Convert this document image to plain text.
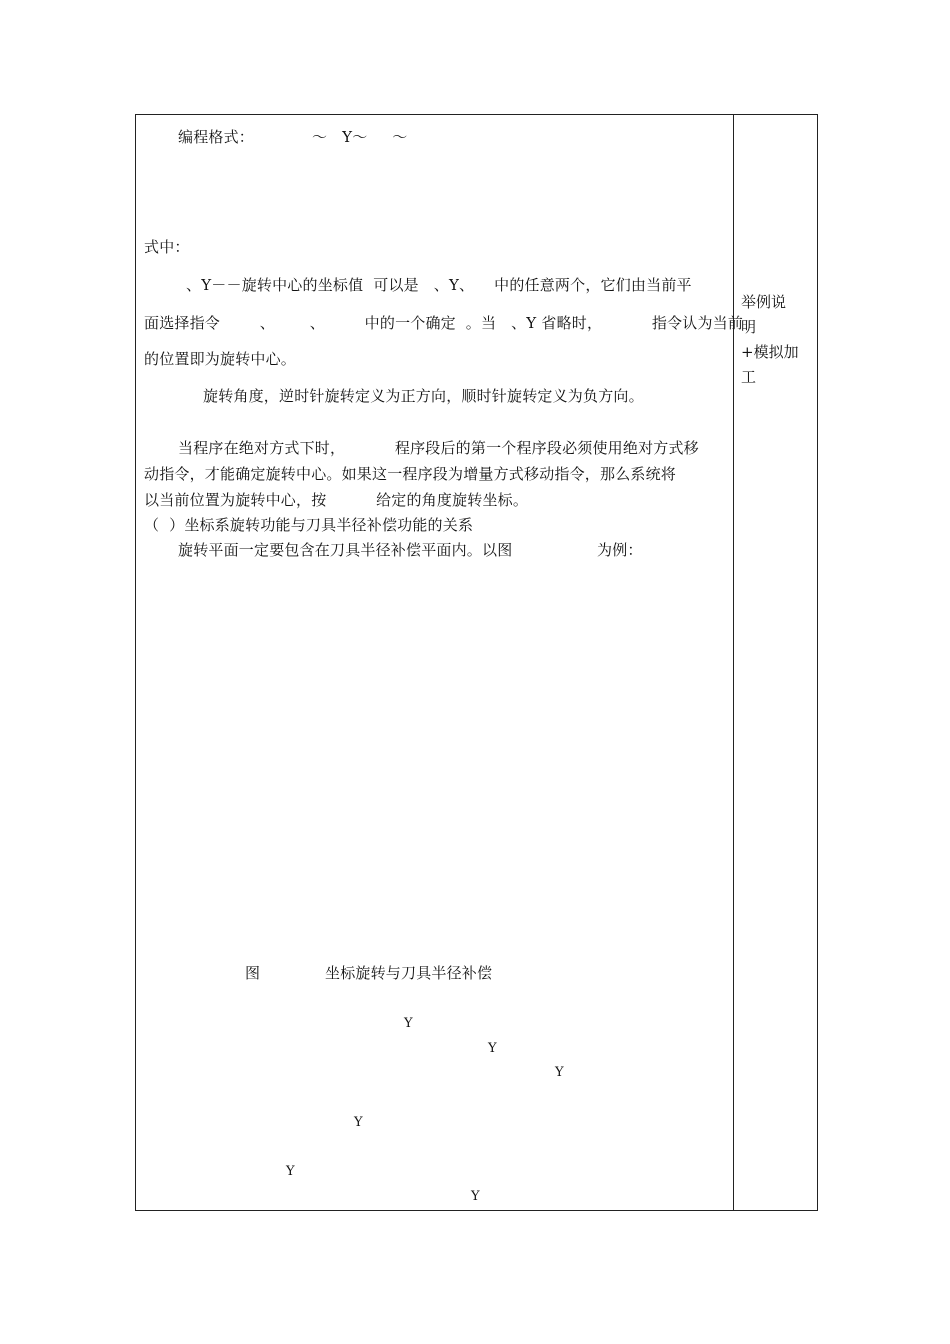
编程格式：	～   Y～     ～
式中：
、Y－－旋转中心的坐标值  可以是   、Y、    中的任意两个，它们由当前平
面选择指令        、       、        中的一个确定  。当   、Y 省略时，          指令认为当前
的位置即为旋转中心。
旋转角度，逆时针旋转定义为正方向，顺时针旋转定义为负方向。
当程序在绝对方式下时，          程序段后的第一个程序段必须使用绝对方式移
动指令，才能确定旋转中心。如果这一程序段为增量方式移动指令，那么系统将
以当前位置为旋转中心，按          给定的角度旋转坐标。
（  ）坐标系旋转功能与刀具半径补偿功能的关系
旋转平面一定要包含在刀具半径补偿平面内。以图	为例：
图	坐标旋转与刀具半径补偿
Y
Y
Y
Y
Y
Y
举例说
明
+模拟加
工
